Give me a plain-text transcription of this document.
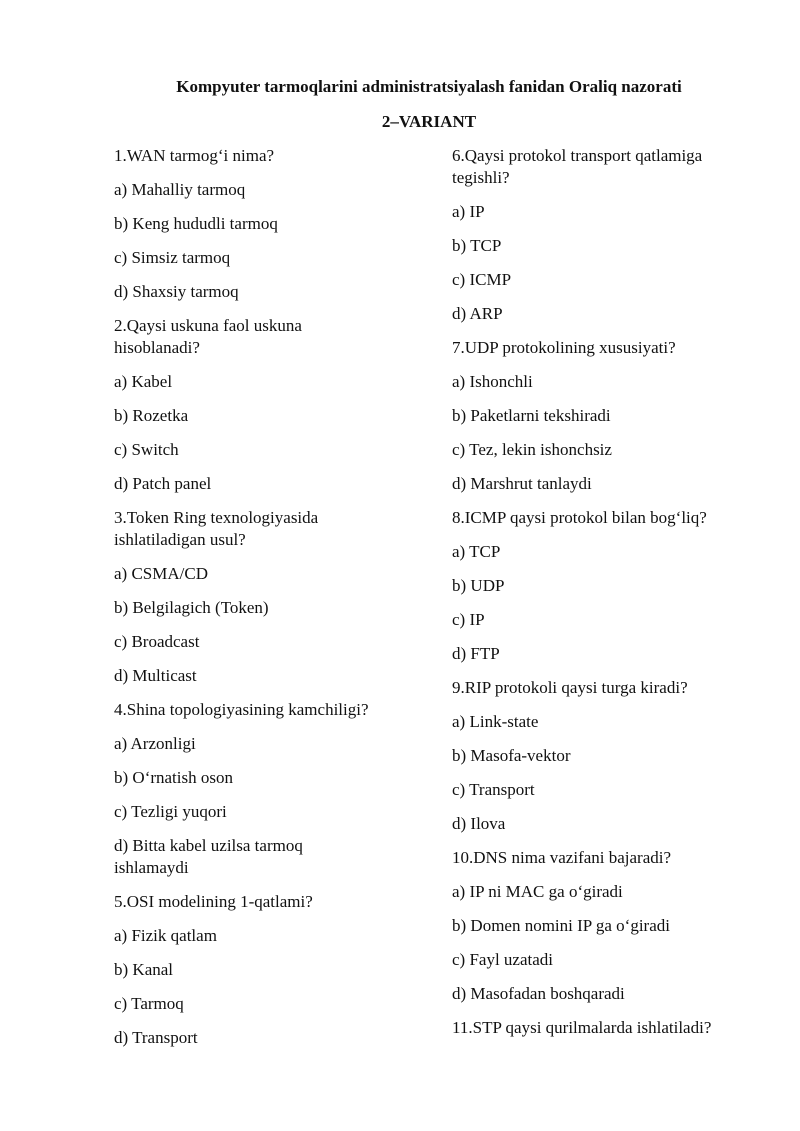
Kompyuter tarmoqlarini administratsiyalash fanidan Oraliq nazorati
2–VARIANT
1.WAN tarmog‘i nima?
a) Mahalliy tarmoq
b) Keng hududli tarmoq
c) Simsiz tarmoq
d) Shaxsiy tarmoq
2.Qaysi uskuna faol uskuna hisoblanadi?
a) Kabel
b) Rozetka
c) Switch
d) Patch panel
3.Token Ring texnologiyasida ishlatiladigan usul?
a) CSMA/CD
b) Belgilagich (Token)
c) Broadcast
d) Multicast
4.Shina topologiyasining kamchiligi?
a) Arzonligi
b) O‘rnatish oson
c) Tezligi yuqori
d) Bitta kabel uzilsa tarmoq ishlamaydi
5.OSI modelining 1-qatlami?
a) Fizik qatlam
b) Kanal
c) Tarmoq
d) Transport
6.Qaysi protokol transport qatlamiga tegishli?
a) IP
b) TCP
c) ICMP
d) ARP
7.UDP protokolining xususiyati?
a) Ishonchli
b) Paketlarni tekshiradi
c) Tez, lekin ishonchsiz
d) Marshrut tanlaydi
8.ICMP qaysi protokol bilan bog‘liq?
a) TCP
b) UDP
c) IP
d) FTP
9.RIP protokoli qaysi turga kiradi?
a) Link-state
b) Masofa-vektor
c) Transport
d) Ilova
10.DNS nima vazifani bajaradi?
a) IP ni MAC ga o‘giradi
b) Domen nomini IP ga o‘giradi
c) Fayl uzatadi
d) Masofadan boshqaradi
11.STP qaysi qurilmalarda ishlatiladi?
